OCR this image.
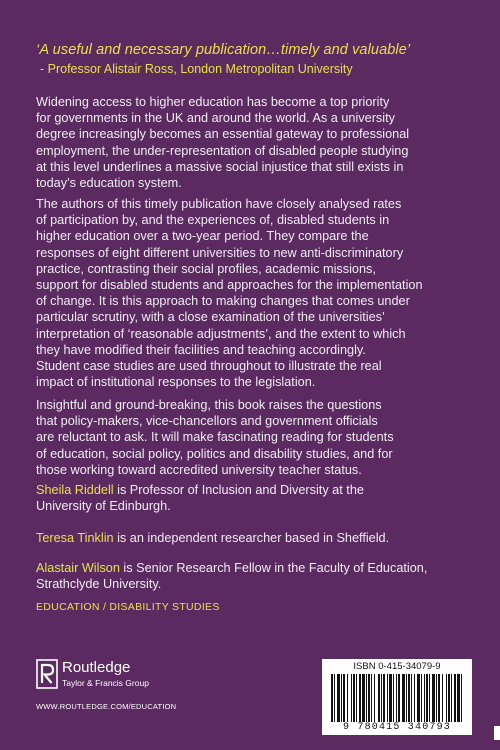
‘A useful and necessary publication…timely and valuable’
- Professor Alistair Ross, London Metropolitan University
Widening access to higher education has become a top priority
for governments in the UK and around the world. As a university
degree increasingly becomes an essential gateway to professional
employment, the under-representation of disabled people studying
at this level underlines a massive social injustice that still exists in
today’s education system.
The authors of this timely publication have closely analysed rates
of participation by, and the experiences of, disabled students in
higher education over a two-year period. They compare the
responses of eight different universities to new anti-discriminatory
practice, contrasting their social profiles, academic missions,
support for disabled students and approaches for the implementation
of change. It is this approach to making changes that comes under
particular scrutiny, with a close examination of the universities’
interpretation of ‘reasonable adjustments’, and the extent to which
they have modified their facilities and teaching accordingly.
Student case studies are used throughout to illustrate the real
impact of institutional responses to the legislation.
Insightful and ground-breaking, this book raises the questions
that policy-makers, vice-chancellors and government officials
are reluctant to ask. It will make fascinating reading for students
of education, social policy, politics and disability studies, and for
those working toward accredited university teacher status.
Sheila Riddell is Professor of Inclusion and Diversity at the
University of Edinburgh.
Teresa Tinklin is an independent researcher based in Sheffield.
Alastair Wilson is Senior Research Fellow in the Faculty of Education,
Strathclyde University.
EDUCATION / DISABILITY STUDIES
Routledge
Taylor & Francis Group
WWW.ROUTLEDGE.COM/EDUCATION
ISBN 0-415-34079-9
9 780415 340793
